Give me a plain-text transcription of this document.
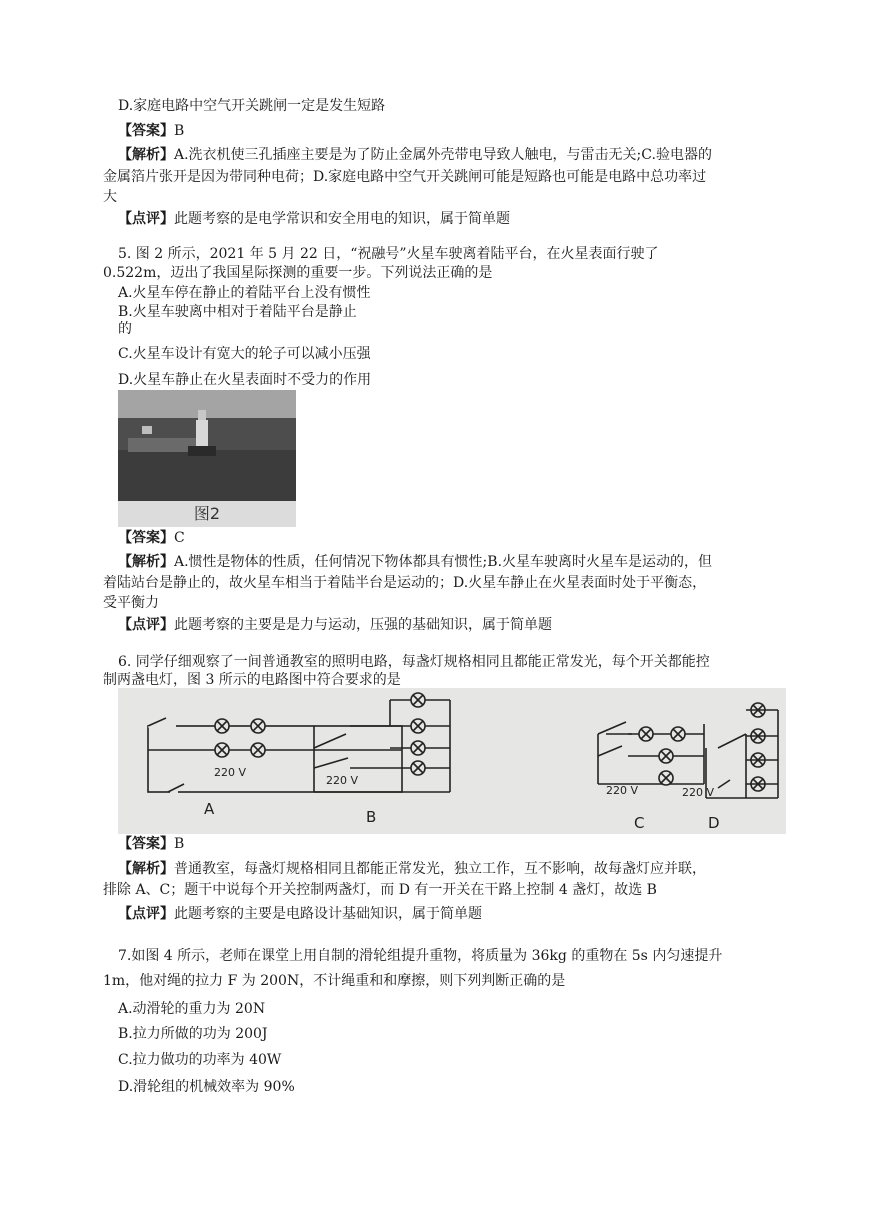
D.家庭电路中空气开关跳闸一定是发生短路
【答案】B
【解析】A.洗衣机使三孔插座主要是为了防止金属外壳带电导致人触电，与雷击无关;C.验电器的
金属箔片张开是因为带同种电荷；D.家庭电路中空气开关跳闸可能是短路也可能是电路中总功率过
大
【点评】此题考察的是电学常识和安全用电的知识，属于简单题
5. 图 2 所示，2021 年 5 月 22 日，“祝融号”火星车驶离着陆平台，在火星表面行驶了
0.522m，迈出了我国星际探测的重要一步。下列说法正确的是
A.火星车停在静止的着陆平台上没有惯性
B.火星车驶离中相对于着陆平台是静止
的
C.火星车设计有宽大的轮子可以减小压强
D.火星车静止在火星表面时不受力的作用
图2
【答案】C
【解析】A.惯性是物体的性质，任何情况下物体都具有惯性;B.火星车驶离时火星车是运动的，但
着陆站台是静止的，故火星车相当于着陆半台是运动的；D.火星车静止在火星表面时处于平衡态，
受平衡力
【点评】此题考察的主要是是力与运动，压强的基础知识，属于简单题
6. 同学仔细观察了一间普通教室的照明电路，每盏灯规格相同且都能正常发光，每个开关都能控
制两盏电灯，图 3 所示的电路图中符合要求的是
220 V
A
220 V
B
220 V
C
220 V
D
【答案】B
【解析】普通教室，每盏灯规格相同且都能正常发光，独立工作，互不影响，故每盏灯应并联，
排除 A、C；题干中说每个开关控制两盏灯，而 D 有一开关在干路上控制 4 盏灯，故选 B
【点评】此题考察的主要是电路设计基础知识，属于简单题
7.如图 4 所示，老师在课堂上用自制的滑轮组提升重物，将质量为 36kg 的重物在 5s 内匀速提升
1m，他对绳的拉力 F 为 200N，不计绳重和和摩擦，则下列判断正确的是
A.动滑轮的重力为 20N
B.拉力所做的功为 200J
C.拉力做功的功率为 40W
D.滑轮组的机械效率为 90%
